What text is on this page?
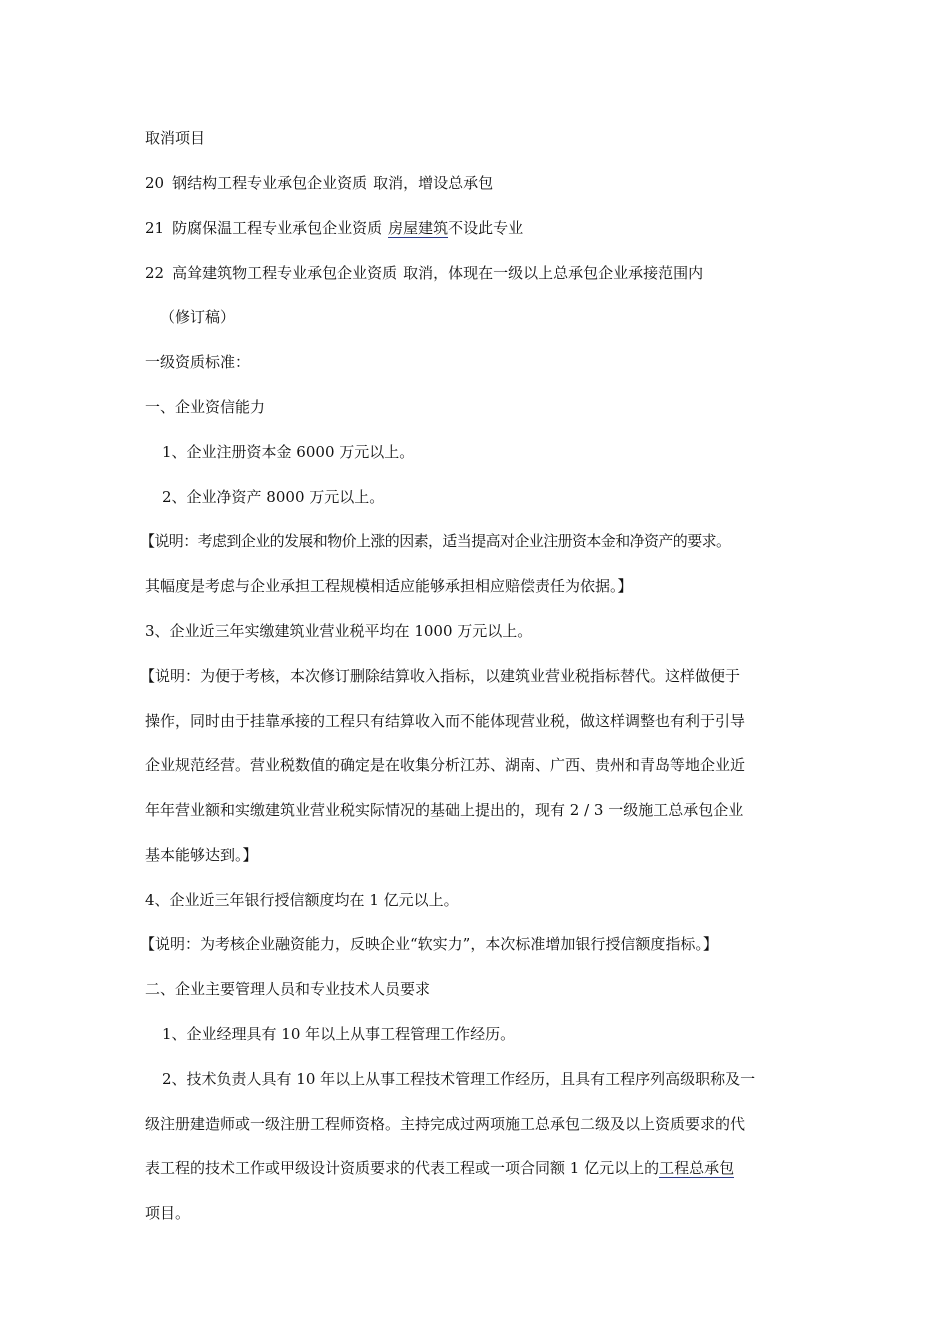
取消项目
20 钢结构工程专业承包企业资质 取消，增设总承包
21 防腐保温工程专业承包企业资质 房屋建筑不设此专业
22 高耸建筑物工程专业承包企业资质 取消，体现在一级以上总承包企业承接范围内
（修订稿）
一级资质标准：
一、企业资信能力
1、企业注册资本金 6000 万元以上。
2、企业净资产 8000 万元以上。
【说明：考虑到企业的发展和物价上涨的因素，适当提高对企业注册资本金和净资产的要求。
其幅度是考虑与企业承担工程规模相适应能够承担相应赔偿责任为依据。】
3、企业近三年实缴建筑业营业税平均在 1000 万元以上。
【说明：为便于考核，本次修订删除结算收入指标，以建筑业营业税指标替代。这样做便于
操作，同时由于挂靠承接的工程只有结算收入而不能体现营业税，做这样调整也有利于引导
企业规范经营。营业税数值的确定是在收集分析江苏、湖南、广西、贵州和青岛等地企业近
年年营业额和实缴建筑业营业税实际情况的基础上提出的，现有 2 / 3 一级施工总承包企业
基本能够达到。】
4、企业近三年银行授信额度均在 1 亿元以上。
【说明：为考核企业融资能力，反映企业“软实力”，本次标准增加银行授信额度指标。】
二、企业主要管理人员和专业技术人员要求
1、企业经理具有 10 年以上从事工程管理工作经历。
2、技术负责人具有 10 年以上从事工程技术管理工作经历，且具有工程序列高级职称及一
级注册建造师或一级注册工程师资格。主持完成过两项施工总承包二级及以上资质要求的代
表工程的技术工作或甲级设计资质要求的代表工程或一项合同额 1 亿元以上的工程总承包
项目。
